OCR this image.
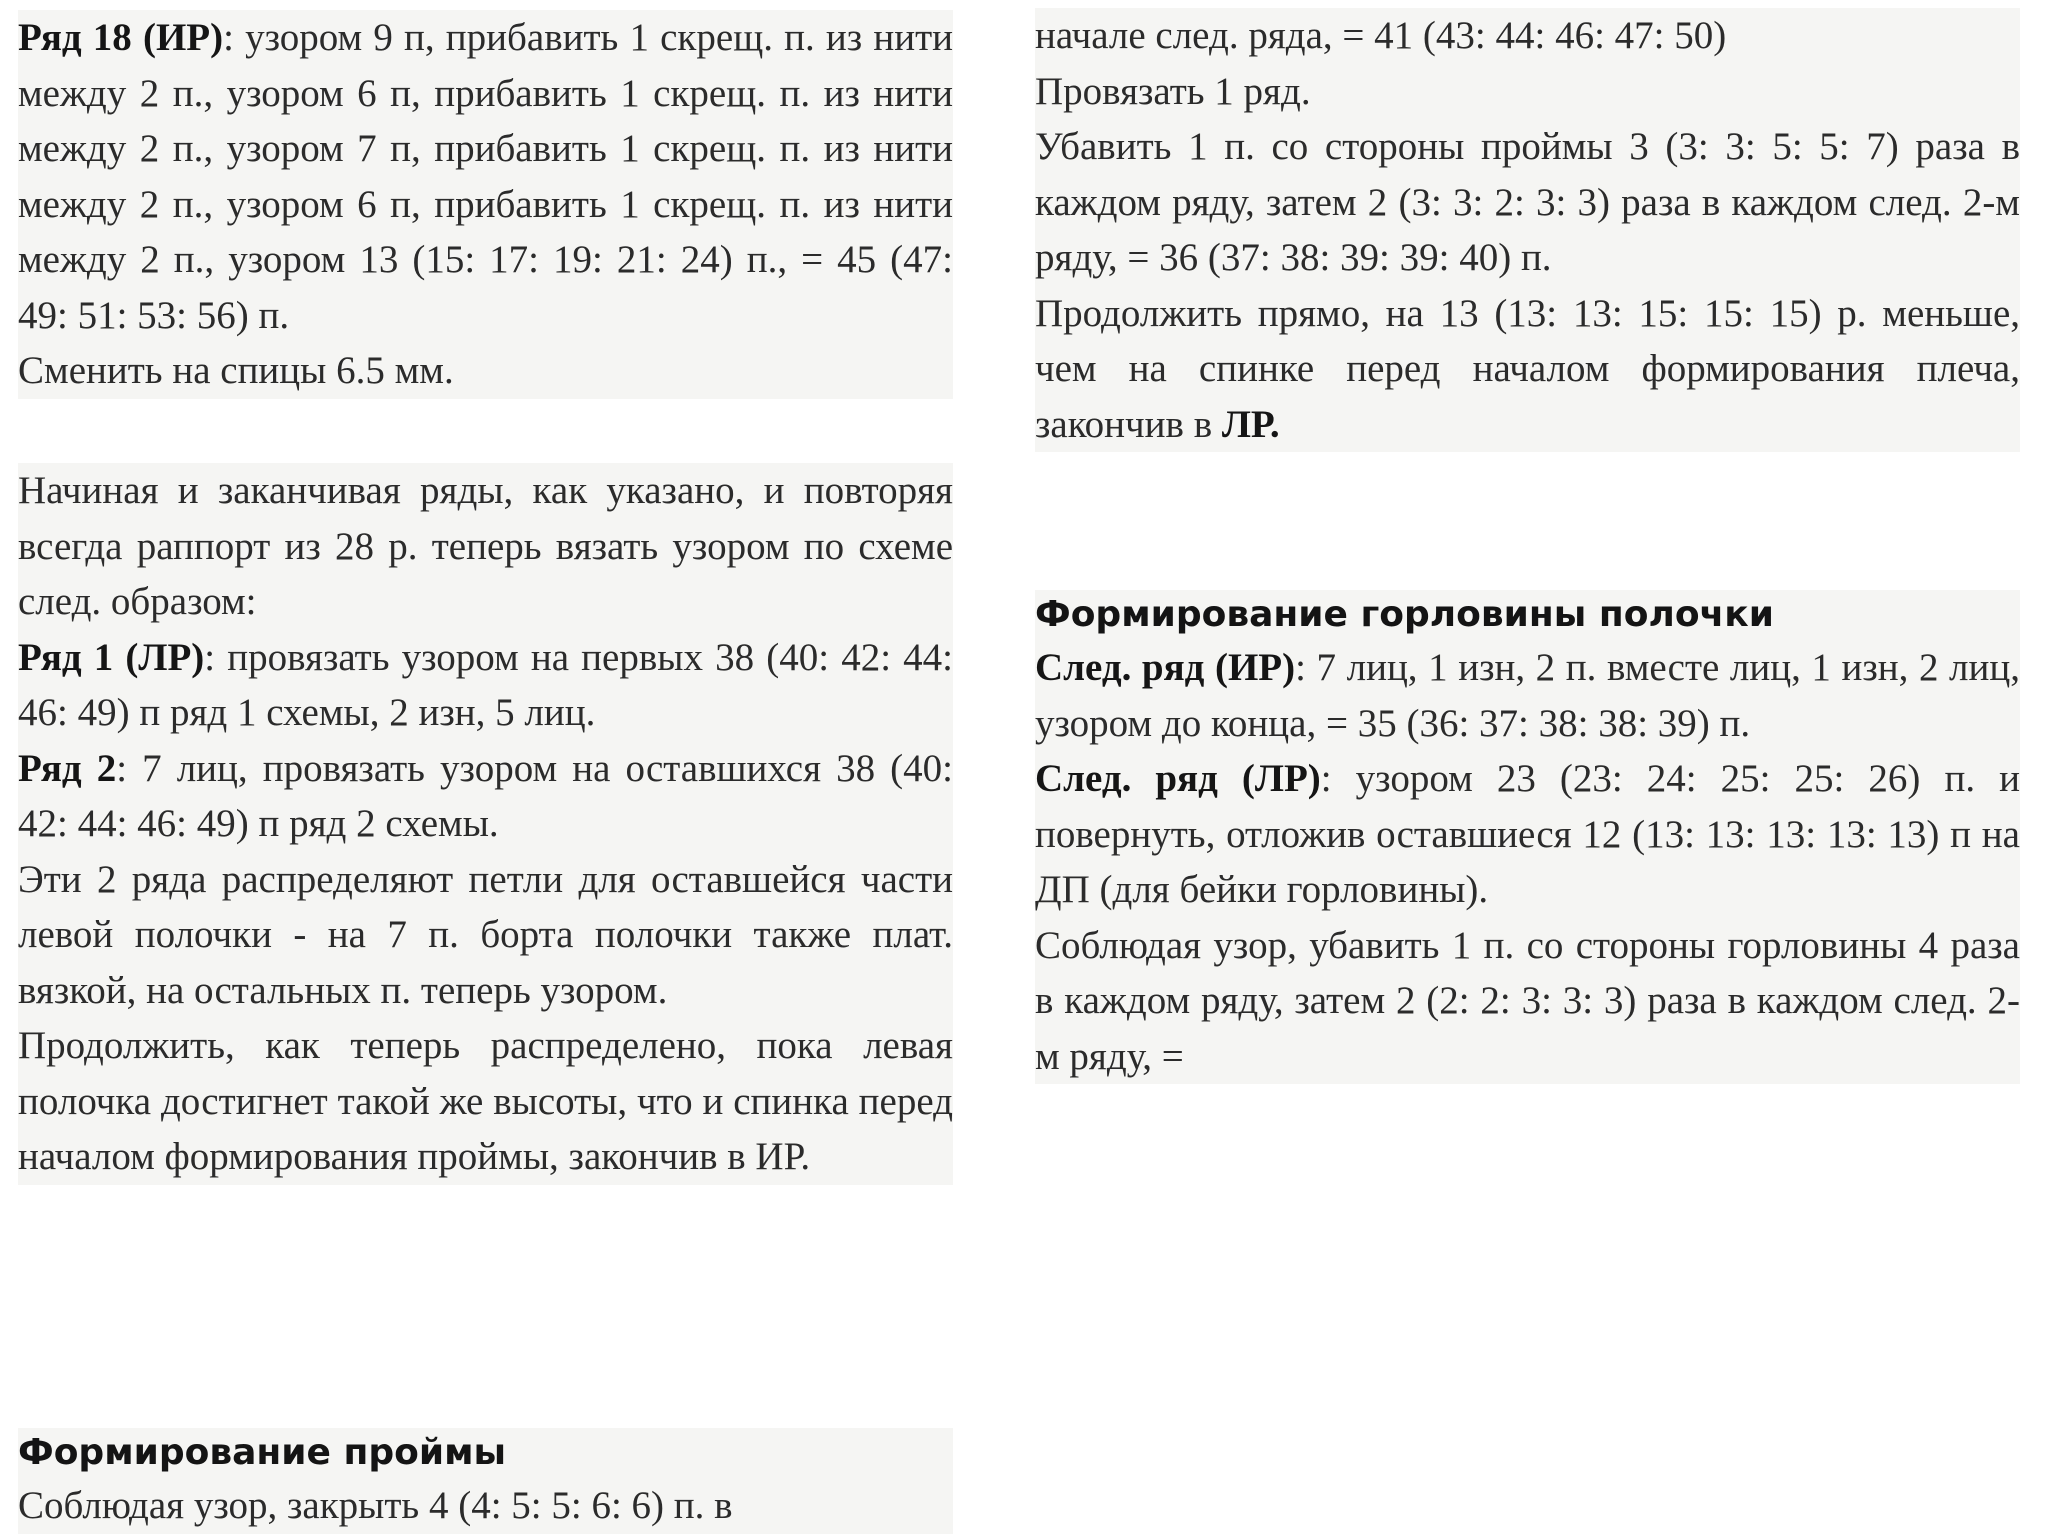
Ряд 18 (ИР): узором 9 п, прибавить 1 скрещ. п. из нити между 2 п., узором 6 п, прибавить 1 скрещ. п. из нити между 2 п., узором 7 п, прибавить 1 скрещ. п. из нити между 2 п., узором 6 п, прибавить 1 скрещ. п. из нити между 2 п., узором 13 (15: 17: 19: 21: 24) п., = 45 (47: 49: 51: 53: 56) п.

Сменить на спицы 6.5 мм.

Начиная и заканчивая ряды, как указано, и повторяя всегда раппорт из 28 р. теперь вязать узором по схеме след. образом:

Ряд 1 (ЛР): провязать узором на первых 38 (40: 42: 44: 46: 49) п ряд 1 схемы, 2 изн, 5 лиц.

Ряд 2: 7 лиц, провязать узором на оставшихся 38 (40: 42: 44: 46: 49) п ряд 2 схемы.

Эти 2 ряда распределяют петли для оставшейся части левой полочки - на 7 п. борта полочки также плат. вязкой, на остальных п. теперь узором.

Продолжить, как теперь распределено, пока левая полочка достигнет такой же высоты, что и спинка перед началом формирования проймы, закончив в ИР.

Формирование проймы

Соблюдая узор, закрыть 4 (4: 5: 5: 6: 6) п. в

начале след. ряда, = 41 (43: 44: 46: 47: 50)

Провязать 1 ряд.

Убавить 1 п. со стороны проймы 3 (3: 3: 5: 5: 7) раза в каждом ряду, затем 2 (3: 3: 2: 3: 3) раза в каждом след. 2-м ряду, = 36 (37: 38: 39: 39: 40) п.

Продолжить прямо, на 13 (13: 13: 15: 15: 15) р. меньше, чем на спинке перед началом формирования плеча, закончив в ЛР.

Формирование горловины полочки

След. ряд (ИР): 7 лиц, 1 изн, 2 п. вместе лиц, 1 изн, 2 лиц, узором до конца, = 35 (36: 37: 38: 38: 39) п.

След. ряд (ЛР): узором 23 (23: 24: 25: 25: 26) п. и повернуть, отложив оставшиеся 12 (13: 13: 13: 13: 13) п на ДП (для бейки горловины).

Соблюдая узор, убавить 1 п. со стороны горловины 4 раза в каждом ряду, затем 2 (2: 2: 3: 3: 3) раза в каждом след. 2-м ряду, =
